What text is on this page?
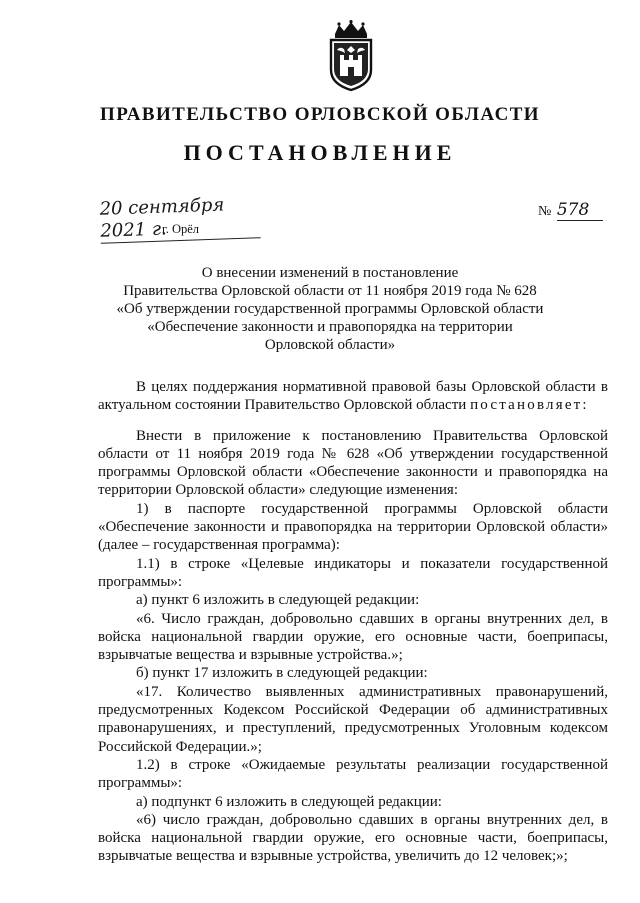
ПРАВИТЕЛЬСТВО ОРЛОВСКОЙ ОБЛАСТИ
ПОСТАНОВЛЕНИЕ
20 сентября 2021 г.
г. Орёл
№ 578
О внесении изменений в постановление
Правительства Орловской области от 11 ноября 2019 года № 628
«Об утверждении государственной программы Орловской области
«Обеспечение законности и правопорядка на территории
Орловской области»

В целях поддержания нормативной правовой базы Орловской области в актуальном состоянии Правительство Орловской области постановляет:

Внести в приложение к постановлению Правительства Орловской области от 11 ноября 2019 года № 628 «Об утверждении государственной программы Орловской области «Обеспечение законности и правопорядка на территории Орловской области» следующие изменения:

1) в паспорте государственной программы Орловской области «Обеспечение законности и правопорядка на территории Орловской области» (далее – государственная программа):

1.1) в строке «Целевые индикаторы и показатели государственной программы»:

а) пункт 6 изложить в следующей редакции:

«6. Число граждан, добровольно сдавших в органы внутренних дел, в войска национальной гвардии оружие, его основные части, боеприпасы, взрывчатые вещества и взрывные устройства.»;

б) пункт 17 изложить в следующей редакции:

«17. Количество выявленных административных правонарушений, предусмотренных Кодексом Российской Федерации об административных правонарушениях, и преступлений, предусмотренных Уголовным кодексом Российской Федерации.»;

1.2) в строке «Ожидаемые результаты реализации государственной программы»:

а) подпункт 6 изложить в следующей редакции:

«6) число граждан, добровольно сдавших в органы внутренних дел, в войска национальной гвардии оружие, его основные части, боеприпасы, взрывчатые вещества и взрывные устройства, увеличить до 12 человек;»;
